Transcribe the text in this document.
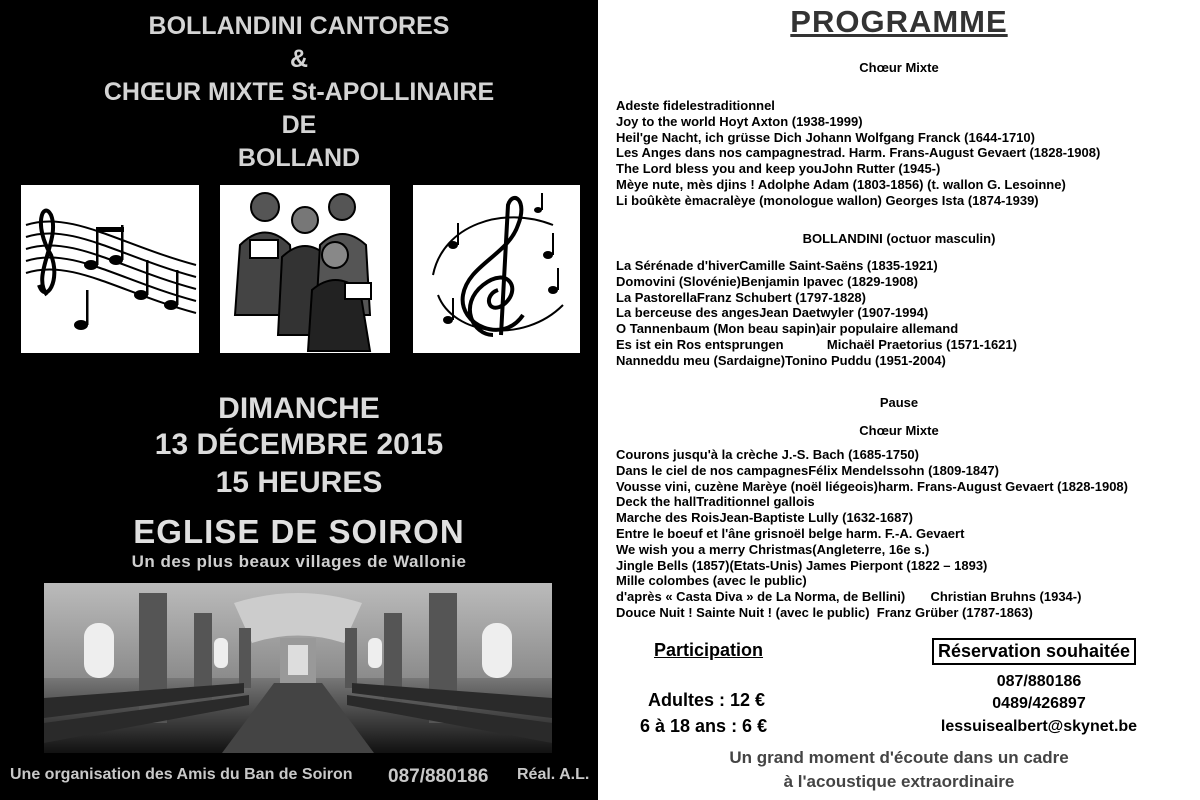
BOLLANDINI CANTORES
&
CHŒUR MIXTE St-APOLLINAIRE
DE
BOLLAND
DIMANCHE
13 DÉCEMBRE 2015
15 HEURES
EGLISE DE SOIRON
Un des plus beaux villages de Wallonie
Une organisation des Amis du Ban de Soiron 087/880186 Réal. A.L.
PROGRAMME
Chœur Mixte
Adeste fidelestraditionnel
Joy to the world Hoyt Axton (1938-1999)
Heil'ge Nacht, ich grüsse Dich Johann Wolfgang Franck (1644-1710)
Les Anges dans nos campagnestrad. Harm. Frans-August Gevaert (1828-1908)
The Lord bless you and keep youJohn Rutter (1945-)
Mèye nute, mès djins ! Adolphe Adam (1803-1856) (t. wallon G. Lesoinne)
Li boûkète èmacralèye (monologue wallon) Georges Ista (1874-1939)
BOLLANDINI (octuor masculin)
La Sérénade d'hiverCamille Saint-Saëns (1835-1921)
Domovini (Slovénie)Benjamin Ipavec (1829-1908)
La PastorellaFranz Schubert (1797-1828)
La berceuse des angesJean Daetwyler (1907-1994)
O Tannenbaum (Mon beau sapin)air populaire allemand
Es ist ein Ros entsprungen            Michaël Praetorius (1571-1621)
Nanneddu meu (Sardaigne)Tonino Puddu (1951-2004)
Pause
Chœur Mixte
Courons jusqu'à la crèche J.-S. Bach (1685-1750)
Dans le ciel de nos campagnesFélix Mendelssohn (1809-1847)
Vousse vini, cuzène Marèye (noël liégeois)harm. Frans-August Gevaert (1828-1908)
Deck the hallTraditionnel gallois
Marche des RoisJean-Baptiste Lully (1632-1687)
Entre le boeuf et l'âne grisnoël belge harm. F.-A. Gevaert
We wish you a merry Christmas(Angleterre, 16e s.)
Jingle Bells (1857)(Etats-Unis) James Pierpont (1822 – 1893)
Mille colombes (avec le public)
d'après « Casta Diva » de La Norma, de Bellini)       Christian Bruhns (1934-)
Douce Nuit ! Sainte Nuit ! (avec le public)  Franz Grüber (1787-1863)
Participation	Réservation souhaitée
Adultes : 12 €
6 à 18 ans : 6 €
087/880186
0489/426897
lessuisealbert@skynet.be
Un grand moment d'écoute dans un cadre
à l'acoustique extraordinaire
